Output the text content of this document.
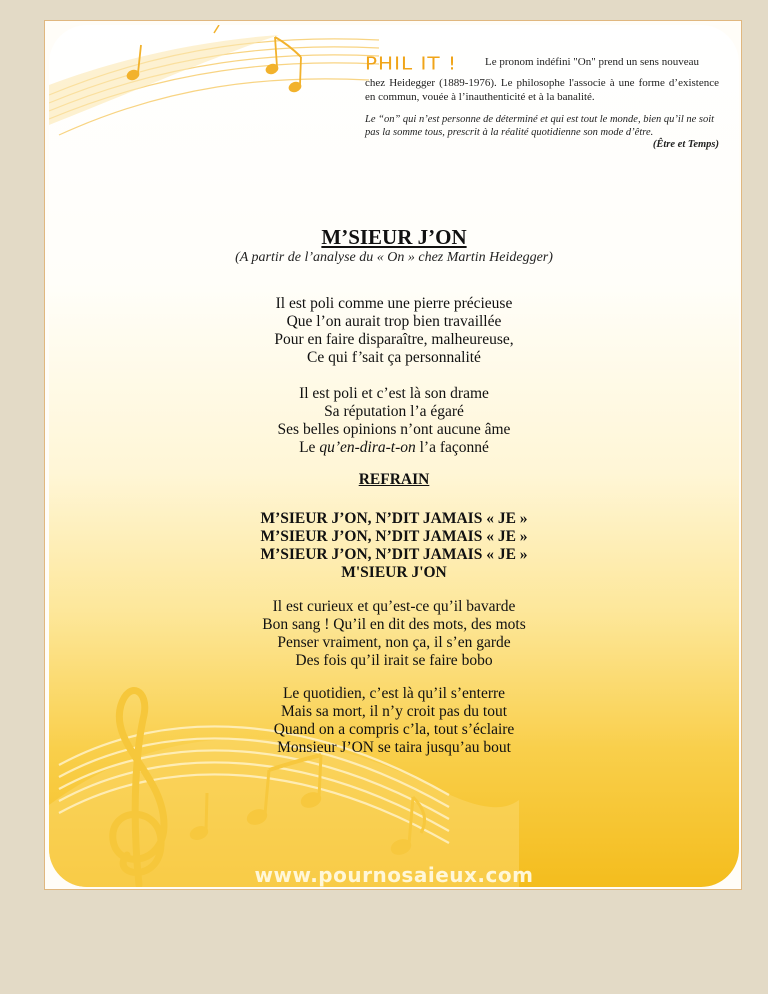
PHIL IT !	Le pronom indéfini "On" prend un sens nouveau
chez Heidegger (1889-1976). Le philosophe l'associe à une forme d’existence en commun, vouée à l’inauthenticité et à la banalité.
Le “on” qui n’est personne de déterminé et qui est tout le monde, bien qu’il ne soit pas la somme tous, prescrit à la réalité quotidienne son mode d’être.
(Être et Temps)
M’SIEUR J’ON
(A partir de l’analyse du « On » chez Martin Heidegger)
Il est poli comme une pierre précieuse
Que l’on aurait trop bien travaillée
Pour en faire disparaître, malheureuse,
Ce qui f’sait ça personnalité
Il est poli et c’est là son drame
Sa réputation l’a égaré
Ses belles opinions n’ont aucune âme
Le qu’en-dira-t-on l’a façonné
REFRAIN
M’SIEUR J’ON, N’DIT JAMAIS « JE »
M’SIEUR J’ON, N’DIT JAMAIS « JE »
M’SIEUR J’ON, N’DIT JAMAIS « JE »
M'SIEUR J'ON
Il est curieux et qu’est-ce qu’il bavarde
Bon sang ! Qu’il en dit des mots, des mots
Penser vraiment, non ça, il s’en garde
Des fois qu’il irait se faire bobo
Le quotidien, c’est là qu’il s’enterre
Mais sa mort, il n’y croit pas du tout
Quand on a compris c’la, tout s’éclaire
Monsieur J’ON se taira jusqu’au bout
www.pournosaieux.com
